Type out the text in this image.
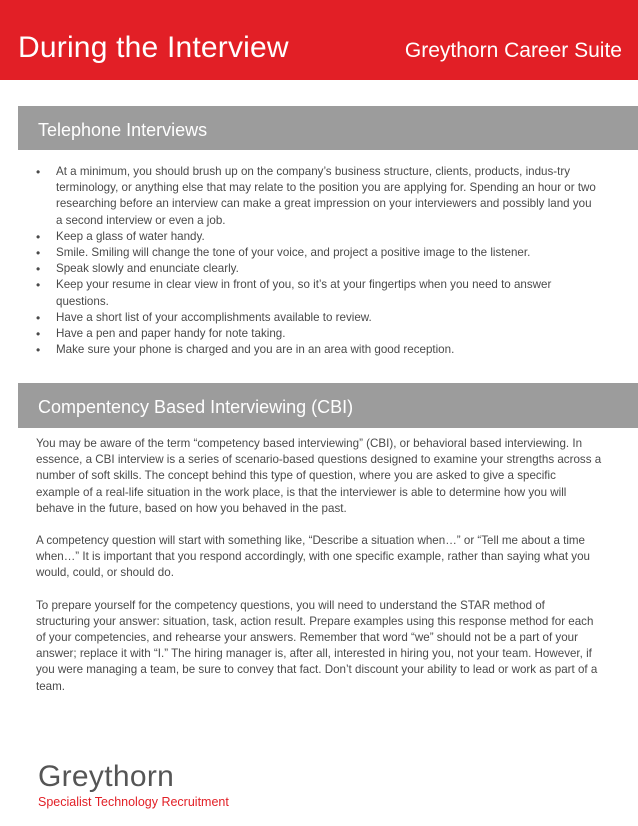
During the Interview	Greythorn Career Suite
Telephone Interviews
• At a minimum, you should brush up on the company’s business structure, clients, products, indus-try terminology, or anything else that may relate to the position you are applying for. Spending an hour or two researching before an interview can make a great impression on your interviewers and possibly land you a second interview or even a job.
• Keep a glass of water handy.
• Smile. Smiling will change the tone of your voice, and project a positive image to the listener.
• Speak slowly and enunciate clearly.
• Keep your resume in clear view in front of you, so it’s at your fingertips when you need to answer questions.
• Have a short list of your accomplishments available to review.
• Have a pen and paper handy for note taking.
• Make sure your phone is charged and you are in an area with good reception.
Compentency Based Interviewing (CBI)

You may be aware of the term “competency based interviewing” (CBI), or behavioral based interviewing. In essence, a CBI interview is a series of scenario-based questions designed to examine your strengths across a number of soft skills. The concept behind this type of question, where you are asked to give a specific example of a real-life situation in the work place, is that the interviewer is able to determine how you will behave in the future, based on how you behaved in the past.

A competency question will start with something like, “Describe a situation when…” or “Tell me about a time when…” It is important that you respond accordingly, with one specific example, rather than saying what you would, could, or should do.

To prepare yourself for the competency questions, you will need to understand the STAR method of structuring your answer: situation, task, action result. Prepare examples using this response method for each of your competencies, and rehearse your answers. Remember that word “we” should not be a part of your answer; replace it with “I.” The hiring manager is, after all, interested in hiring you, not your team. However, if you were managing a team, be sure to convey that fact. Don’t discount your ability to lead or work as part of a team.

Greythorn
Specialist Technology Recruitment
